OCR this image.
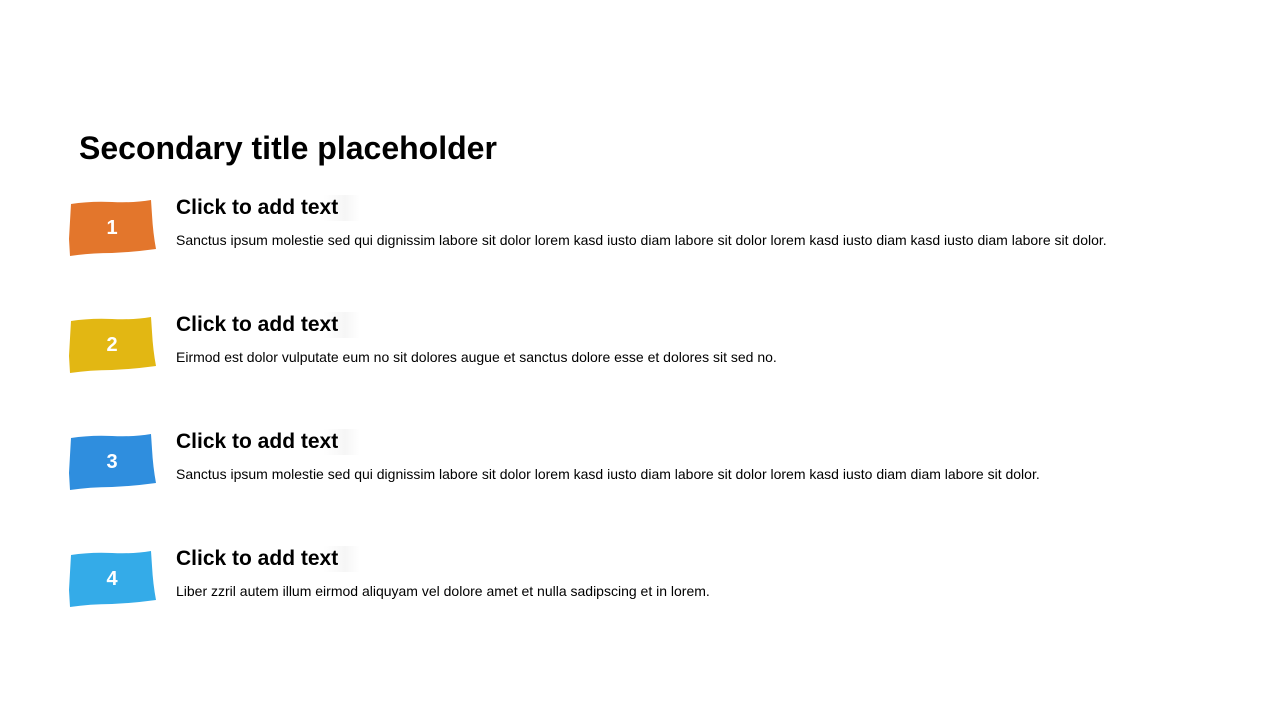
Secondary title placeholder
1
Click to add text
Sanctus ipsum molestie sed qui dignissim labore sit dolor lorem kasd iusto diam labore sit dolor lorem kasd iusto diam kasd iusto diam labore sit dolor.
2
Click to add text
Eirmod est dolor vulputate eum no sit dolores augue et sanctus dolore esse et dolores sit sed no.
3
Click to add text
Sanctus ipsum molestie sed qui dignissim labore sit dolor lorem kasd iusto diam labore sit dolor lorem kasd iusto diam diam labore sit dolor.
4
Click to add text
Liber zzril autem illum eirmod aliquyam vel dolore amet et nulla sadipscing et in lorem.
